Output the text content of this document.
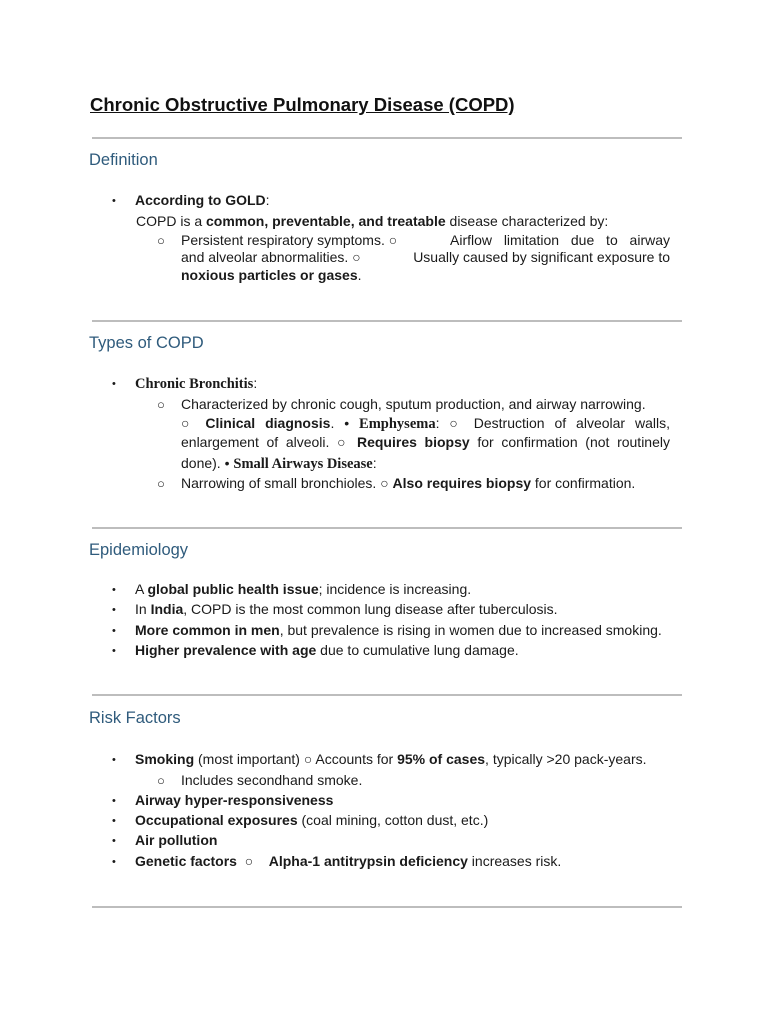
Chronic Obstructive Pulmonary Disease (COPD)
Definition
• According to GOLD:
COPD is a common, preventable, and treatable disease characterized by:
○ Persistent respiratory symptoms. ○	Airflow limitation due to airway
and alveolar abnormalities. ○	Usually caused by significant exposure to
noxious particles or gases.
Types of COPD
• Chronic Bronchitis:
○ Characterized by chronic cough, sputum production, and airway narrowing.
○ Clinical diagnosis. • Emphysema: ○ Destruction of alveolar walls,
enlargement of alveoli. ○ Requires biopsy for confirmation (not routinely
done). • Small Airways Disease:
○ Narrowing of small bronchioles. ○ Also requires biopsy for confirmation.
Epidemiology
• A global public health issue; incidence is increasing.
• In India, COPD is the most common lung disease after tuberculosis.
• More common in men, but prevalence is rising in women due to increased smoking.
• Higher prevalence with age due to cumulative lung damage.
Risk Factors
• Smoking (most important) ○ Accounts for 95% of cases, typically >20 pack-years.
○ Includes secondhand smoke.
• Airway hyper-responsiveness
• Occupational exposures (coal mining, cotton dust, etc.)
• Air pollution
• Genetic factors  ○    Alpha-1 antitrypsin deficiency increases risk.
